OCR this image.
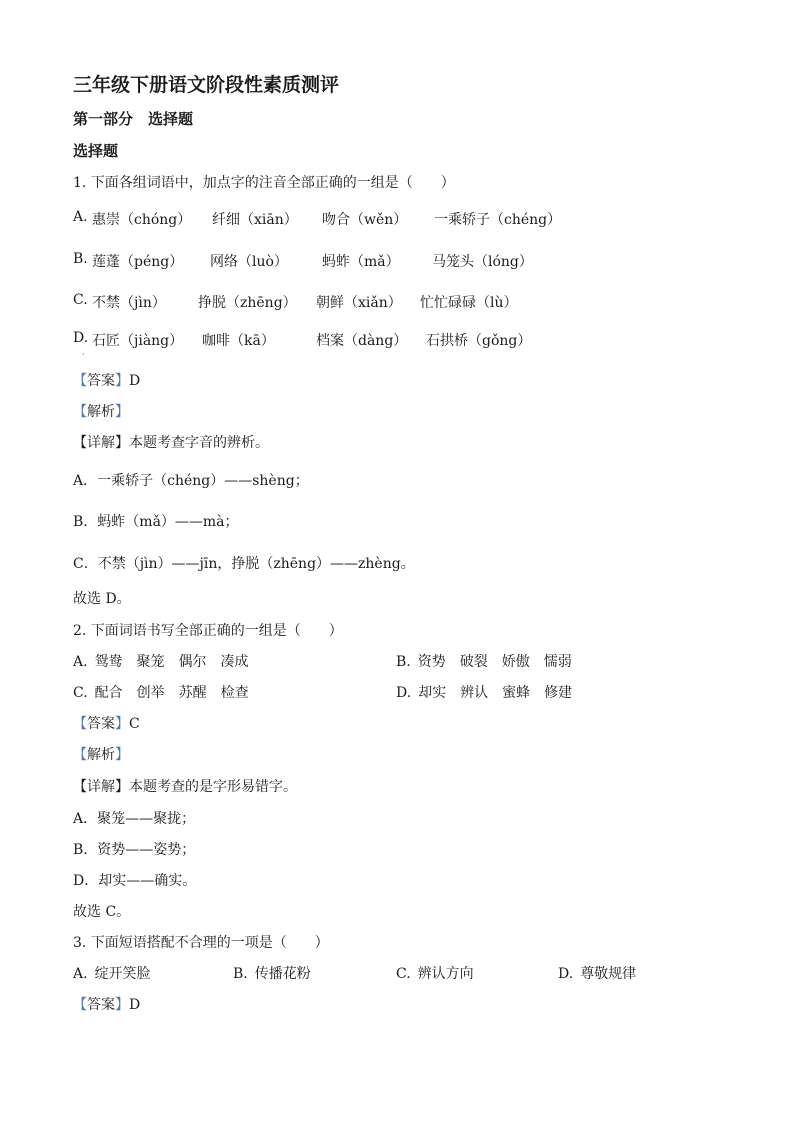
三年级下册语文阶段性素质测评
第一部分　选择题
选择题
1. 下面各组词语中，加点字的注音全部正确的一组是（　　）
A. 惠崇（chóng） 纤细（xiān） 吻合（wěn） 一乘轿子（chéng）
B. 莲蓬（péng） 网络（luò） 蚂蚱（mǎ） 马笼头（lóng）
C. 不禁（jìn） 挣脱（zhēng） 朝鲜（xiǎn） 忙忙碌碌（lù）
D. 石匠（jiàng） 咖啡（kā）	档案（dàng） 石拱桥（gǒng）
·
【答案】D
【解析】
【详解】本题考查字音的辨析。
A．一乘轿子（chéng）——shèng；
B．蚂蚱（mǎ）——mà；
C．不禁（jìn）——jīn，挣脱（zhēng）——zhèng。
故选 D。
2. 下面词语书写全部正确的一组是（　　）
A.  鸳鸯　聚笼　偶尔　凑成	B.  资势　破裂　娇傲　懦弱
C.  配合　创举　苏醒　检查	D.  却实　辨认　蜜蜂　修建
【答案】C
【解析】
【详解】本题考查的是字形易错字。
A．聚笼——聚拢；
B．资势——姿势；
D．却实——确实。
故选 C。
3. 下面短语搭配不合理的一项是（　　）
A.  绽开笑脸	B.  传播花粉	C.  辨认方向	D.  尊敬规律
【答案】D
